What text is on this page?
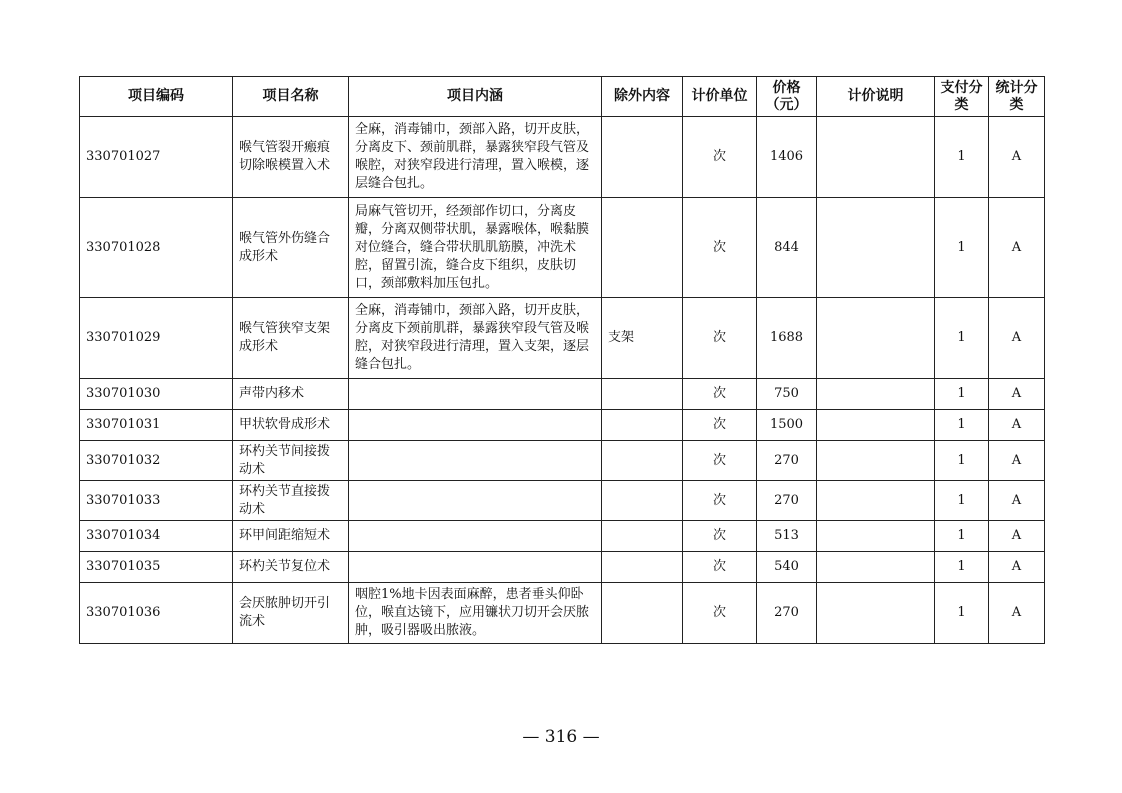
项目编码	项目名称	项目内涵	除外内容	计价单位	价格（元）	计价说明	支付分类	统计分类
330701027	喉气管裂开瘢痕切除喉模置入术	全麻，消毒铺巾，颈部入路，切开皮肤，分离皮下、颈前肌群，暴露狭窄段气管及喉腔，对狭窄段进行清理，置入喉模，逐层缝合包扎。		次	1406		1	A
330701028	喉气管外伤缝合成形术	局麻气管切开，经颈部作切口，分离皮瓣，分离双侧带状肌，暴露喉体，喉黏膜对位缝合，缝合带状肌肌筋膜，冲洗术腔，留置引流，缝合皮下组织，皮肤切口，颈部敷料加压包扎。		次	844		1	A
330701029	喉气管狭窄支架成形术	全麻，消毒铺巾，颈部入路，切开皮肤，分离皮下颈前肌群，暴露狭窄段气管及喉腔，对狭窄段进行清理，置入支架，逐层缝合包扎。	支架	次	1688		1	A
330701030	声带内移术			次	750		1	A
330701031	甲状软骨成形术			次	1500		1	A
330701032	环杓关节间接拨动术			次	270		1	A
330701033	环杓关节直接拨动术			次	270		1	A
330701034	环甲间距缩短术			次	513		1	A
330701035	环杓关节复位术			次	540		1	A
330701036	会厌脓肿切开引流术	咽腔1%地卡因表面麻醉，患者垂头仰卧位，喉直达镜下，应用镰状刀切开会厌脓肿，吸引器吸出脓液。		次	270		1	A
— 316 —
